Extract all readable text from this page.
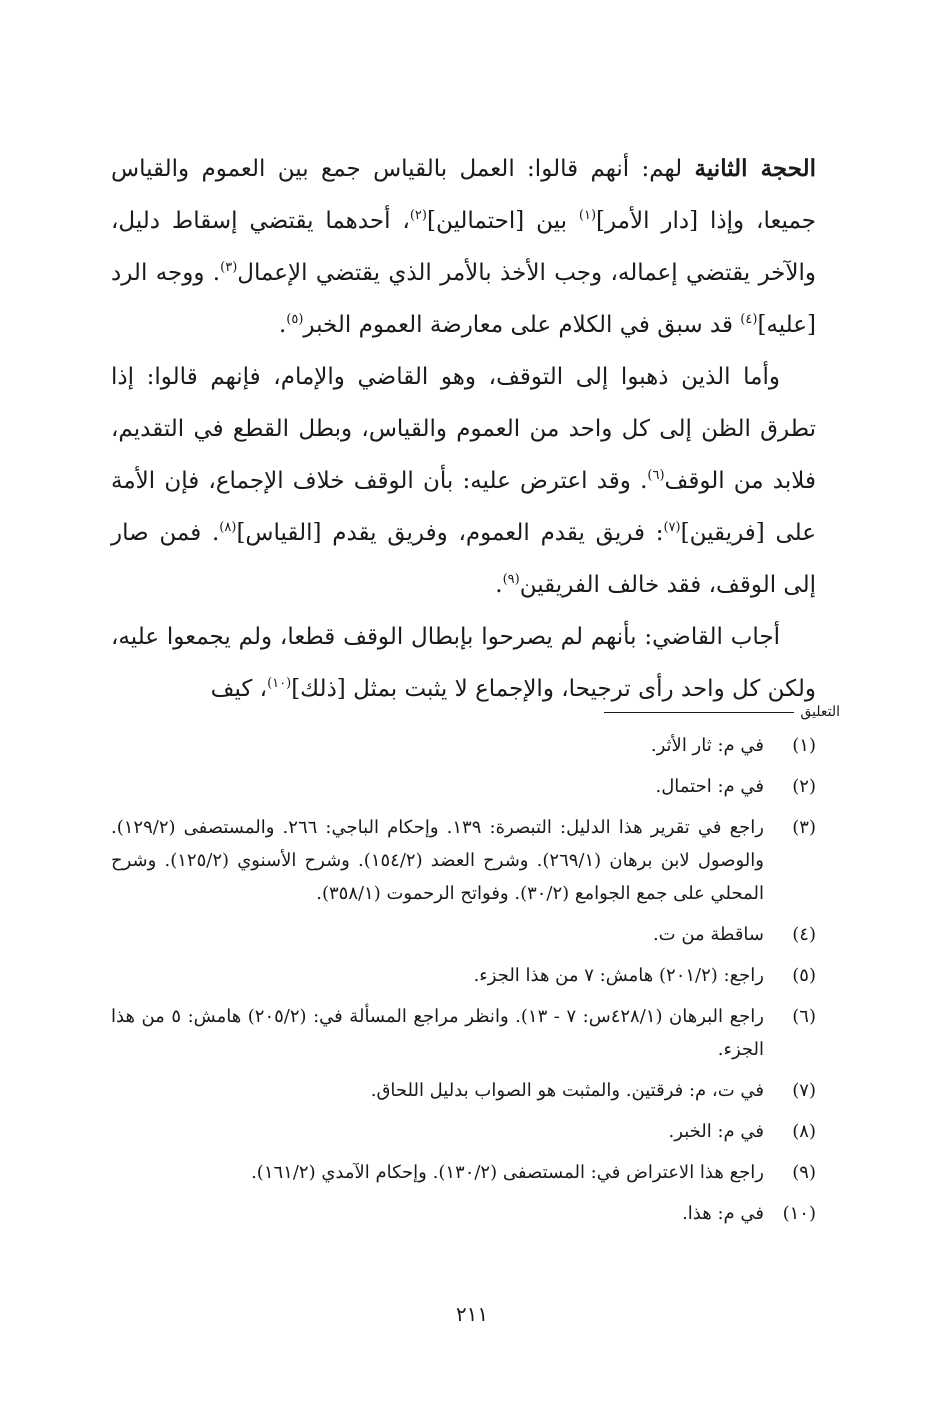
الحجة الثانية لهم: أنهم قالوا: العمل بالقياس جمع بين العموم والقياس جميعا، وإذا [دار الأمر]$^{(١)}$ بين [احتمالين]$^{(٢)}$، أحدهما يقتضي إسقاط دليل، والآخر يقتضي إعماله، وجب الأخذ بالأمر الذي يقتضي الإعمال$^{(٣)}$. ووجه الرد [عليه]$^{(٤)}$ قد سبق في الكلام على معارضة العموم الخبر$^{(٥)}$.

وأما الذين ذهبوا إلى التوقف، وهو القاضي والإمام، فإنهم قالوا: إذا تطرق الظن إلى كل واحد من العموم والقياس، وبطل القطع في التقديم، فلابد من الوقف$^{(٦)}$. وقد اعترض عليه: بأن الوقف خلاف الإجماع، فإن الأمة على [فريقين]$^{(٧)}$: فريق يقدم العموم، وفريق يقدم [القياس]$^{(٨)}$. فمن صار إلى الوقف، فقد خالف الفريقين$^{(٩)}$.

أجاب القاضي: بأنهم لم يصرحوا بإبطال الوقف قطعا، ولم يجمعوا عليه، ولكن كل واحد رأى ترجيحا، والإجماع لا يثبت بمثل [ذلك]$^{(١٠)}$، كيف

التعليق
(١)
في م: ثار الأثر.
(٢)
في م: احتمال.
(٣)
راجع في تقرير هذا الدليل: التبصرة: ١٣٩. وإحكام الباجي: ٢٦٦. والمستصفى (١٢٩/٢). والوصول لابن برهان (٢٦٩/١). وشرح العضد (١٥٤/٢). وشرح الأسنوي (١٢٥/٢). وشرح المحلي على جمع الجوامع (٣٠/٢). وفواتح الرحموت (٣٥٨/١).
(٤)
ساقطة من ت.
(٥)
راجع: (٢٠١/٢) هامش: ٧ من هذا الجزء.
(٦)
راجع البرهان (٤٢٨/١س: ٧ - ١٣). وانظر مراجع المسألة في: (٢٠٥/٢) هامش: ٥ من هذا الجزء.
(٧)
في ت، م: فرقتين. والمثبت هو الصواب بدليل اللحاق.
(٨)
في م: الخبر.
(٩)
راجع هذا الاعتراض في: المستصفى (١٣٠/٢). وإحكام الآمدي (١٦١/٢).
(١٠)
في م: هذا.
٢١١
